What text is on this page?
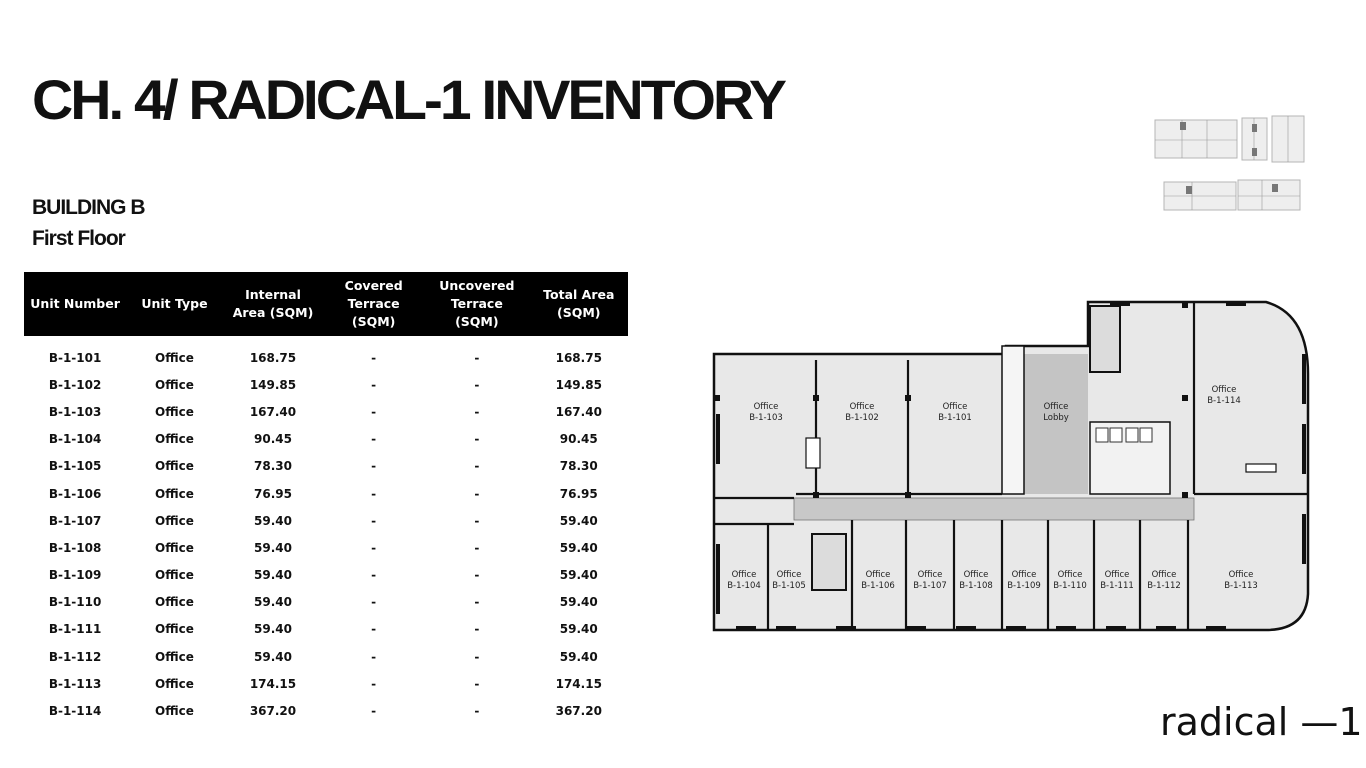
CH. 4/ RADICAL-1 INVENTORY
BUILDING B
First Floor
Unit Number	Unit Type	Internal Area (SQM)	Covered Terrace (SQM)	Uncovered Terrace (SQM)	Total Area (SQM)
B-1-101	Office	168.75	-	-	168.75
B-1-102	Office	149.85	-	-	149.85
B-1-103	Office	167.40	-	-	167.40
B-1-104	Office	90.45	-	-	90.45
B-1-105	Office	78.30	-	-	78.30
B-1-106	Office	76.95	-	-	76.95
B-1-107	Office	59.40	-	-	59.40
B-1-108	Office	59.40	-	-	59.40
B-1-109	Office	59.40	-	-	59.40
B-1-110	Office	59.40	-	-	59.40
B-1-111	Office	59.40	-	-	59.40
B-1-112	Office	59.40	-	-	59.40
B-1-113	Office	174.15	-	-	174.15
B-1-114	Office	367.20	-	-	367.20
Office
B-1-103
Office
B-1-102
Office
B-1-101
Office
Lobby
Office
B-1-114
Office
B-1-104
Office
B-1-105
Office
B-1-106
Office
B-1-107
Office
B-1-108
Office
B-1-109
Office
B-1-110
Office
B-1-111
Office
B-1-112
Office
B-1-113

radical —1
